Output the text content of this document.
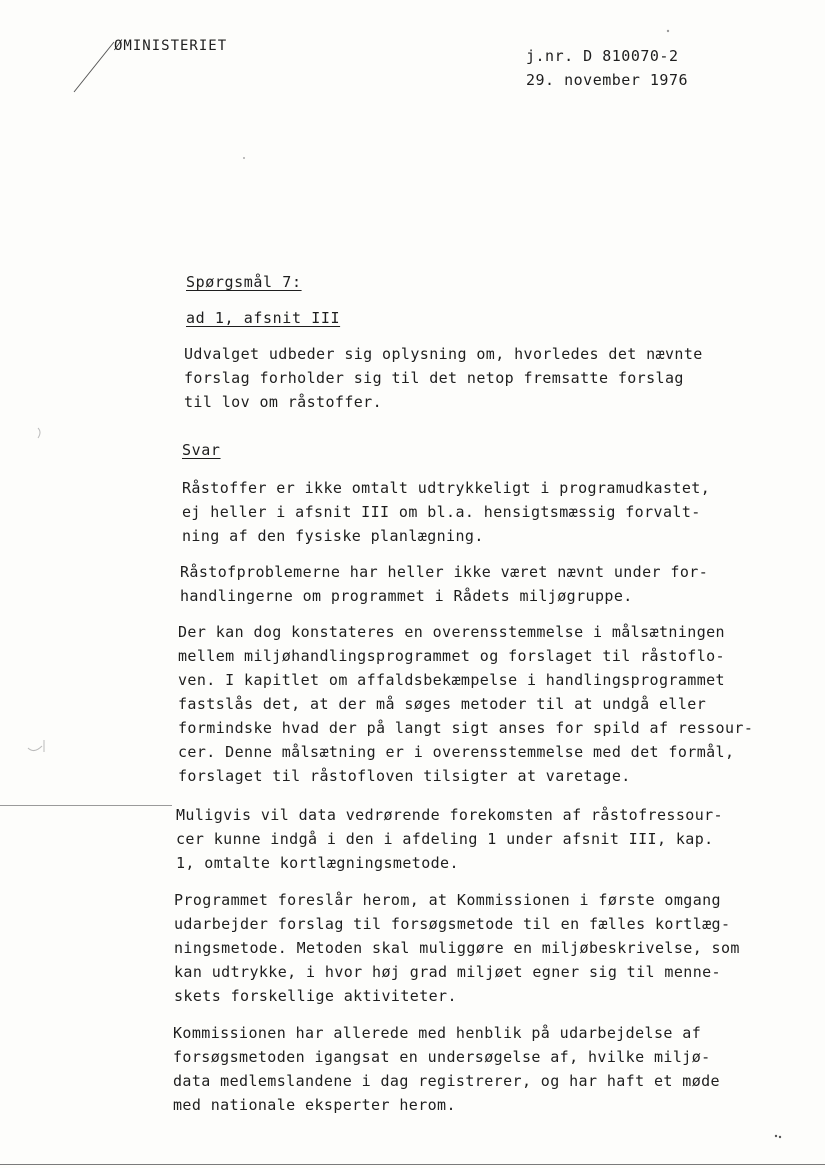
ØMINISTERIET
j.nr. D 810070-2
29. november 1976
Spørgsmål 7:
ad 1, afsnit III
Udvalget udbeder sig oplysning om, hvorledes det nævnte
forslag forholder sig til det netop fremsatte forslag
til lov om råstoffer.
Svar
Råstoffer er ikke omtalt udtrykkeligt i programudkastet,
ej heller i afsnit III om bl.a. hensigtsmæssig forvalt-
ning af den fysiske planlægning.
Råstofproblemerne har heller ikke været nævnt under for-
handlingerne om programmet i Rådets miljøgruppe.
Der kan dog konstateres en overensstemmelse i målsætningen
mellem miljøhandlingsprogrammet og forslaget til råstoflo-
ven. I kapitlet om affaldsbekæmpelse i handlingsprogrammet
fastslås det, at der må søges metoder til at undgå eller
formindske hvad der på langt sigt anses for spild af ressour-
cer. Denne målsætning er i overensstemmelse med det formål,
forslaget til råstofloven tilsigter at varetage.
Muligvis vil data vedrørende forekomsten af råstofressour-
cer kunne indgå i den i afdeling 1 under afsnit III, kap.
1, omtalte kortlægningsmetode.
Programmet foreslår herom, at Kommissionen i første omgang
udarbejder forslag til forsøgsmetode til en fælles kortlæg-
ningsmetode. Metoden skal muliggøre en miljøbeskrivelse, som
kan udtrykke, i hvor høj grad miljøet egner sig til menne-
skets forskellige aktiviteter.
Kommissionen har allerede med henblik på udarbejdelse af
forsøgsmetoden igangsat en undersøgelse af, hvilke miljø-
data medlemslandene i dag registrerer, og har haft et møde
med nationale eksperter herom.
